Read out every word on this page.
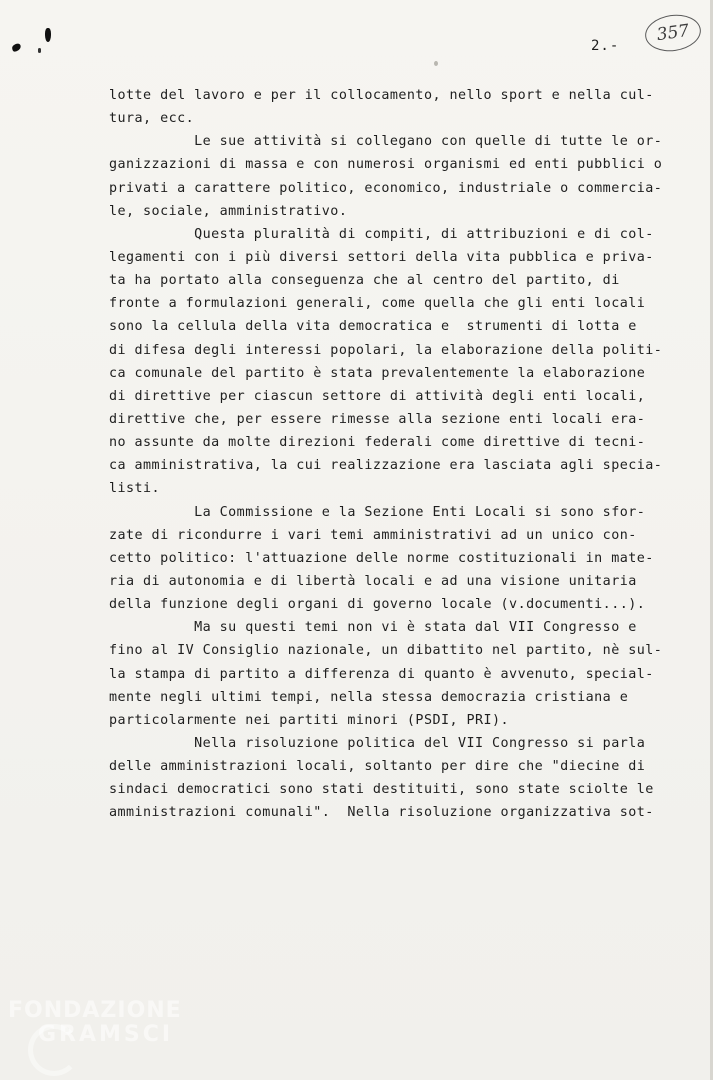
2.-
357
lotte del lavoro e per il collocamento, nello sport e nella cul-
tura, ecc.
Le sue attività si collegano con quelle di tutte le or-
ganizzazioni di massa e con numerosi organismi ed enti pubblici o
privati a carattere politico, economico, industriale o commercia-
le, sociale, amministrativo.
Questa pluralità di compiti, di attribuzioni e di col-
legamenti con i più diversi settori della vita pubblica e priva-
ta ha portato alla conseguenza che al centro del partito, di
fronte a formulazioni generali, come quella che gli enti locali
sono la cellula della vita democratica e  strumenti di lotta e
di difesa degli interessi popolari, la elaborazione della politi-
ca comunale del partito è stata prevalentemente la elaborazione
di direttive per ciascun settore di attività degli enti locali,
direttive che, per essere rimesse alla sezione enti locali era-
no assunte da molte direzioni federali come direttive di tecni-
ca amministrativa, la cui realizzazione era lasciata agli specia-
listi.
La Commissione e la Sezione Enti Locali si sono sfor-
zate di ricondurre i vari temi amministrativi ad un unico con-
cetto politico: l'attuazione delle norme costituzionali in mate-
ria di autonomia e di libertà locali e ad una visione unitaria
della funzione degli organi di governo locale (v.documenti...).
Ma su questi temi non vi è stata dal VII Congresso e
fino al IV Consiglio nazionale, un dibattito nel partito, nè sul-
la stampa di partito a differenza di quanto è avvenuto, special-
mente negli ultimi tempi, nella stessa democrazia cristiana e
particolarmente nei partiti minori (PSDI, PRI).
Nella risoluzione politica del VII Congresso si parla
delle amministrazioni locali, soltanto per dire che "diecine di
sindaci democratici sono stati destituiti, sono state sciolte le
amministrazioni comunali".  Nella risoluzione organizzativa sot-
FONDAZIONE
GRAMSCI
